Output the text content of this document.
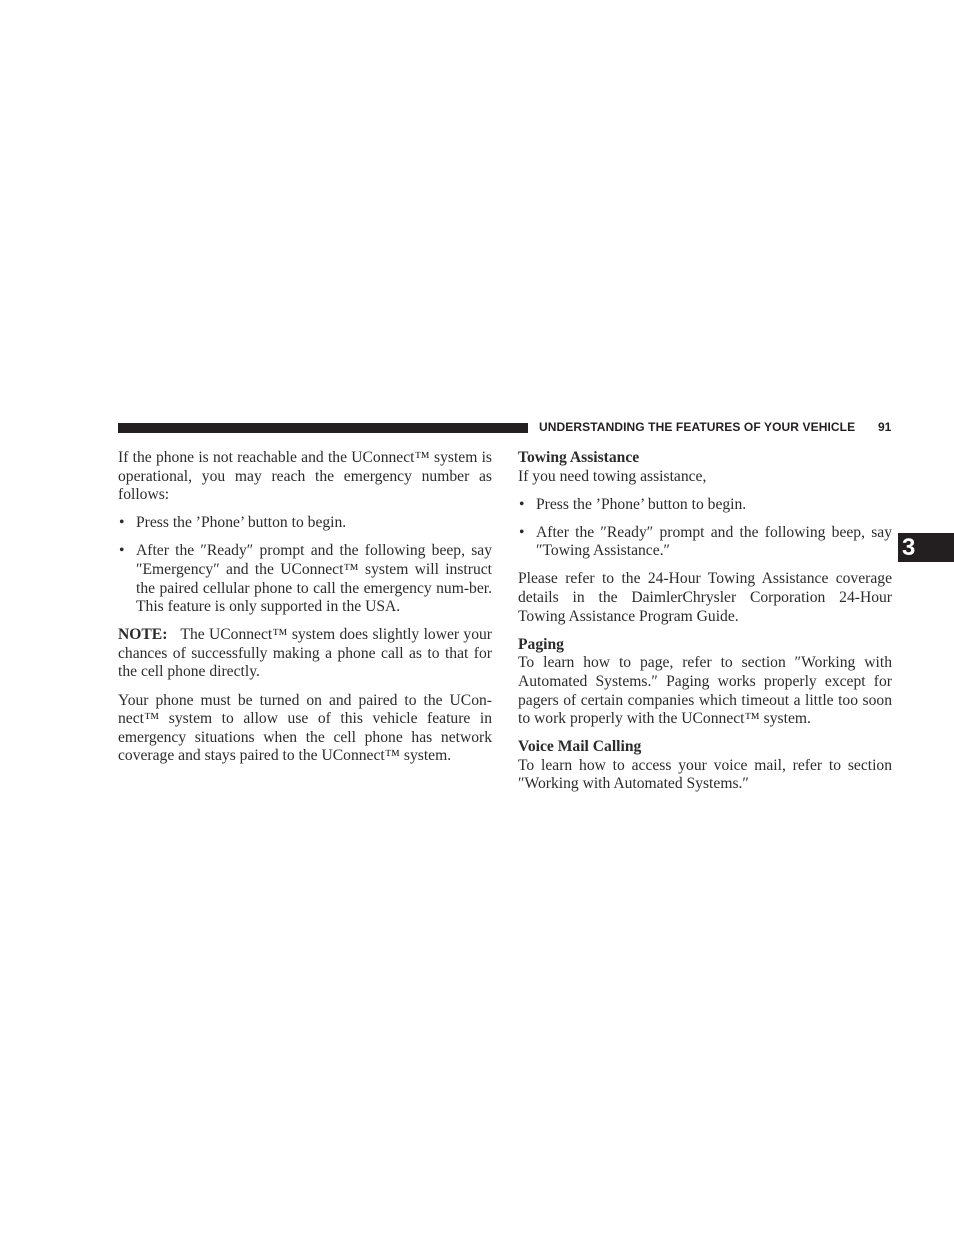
UNDERSTANDING THE FEATURES OF YOUR VEHICLE 91
3

If the phone is not reachable and the UConnect™ system is operational, you may reach the emergency number as follows:

• Press the ’Phone’ button to begin.
• After the ″Ready″ prompt and the following beep, say ″Emergency″ and the UConnect™ system will instruct the paired cellular phone to call the emergency num-ber. This feature is only supported in the USA.

NOTE: The UConnect™ system does slightly lower your chances of successfully making a phone call as to that for the cell phone directly.

Your phone must be turned on and paired to the UCon-nect™ system to allow use of this vehicle feature in emergency situations when the cell phone has network coverage and stays paired to the UConnect™ system.

Towing Assistance

If you need towing assistance,

• Press the ’Phone’ button to begin.
• After the ″Ready″ prompt and the following beep, say ″Towing Assistance.″

Please refer to the 24-Hour Towing Assistance coverage details in the DaimlerChrysler Corporation 24-Hour Towing Assistance Program Guide.

Paging

To learn how to page, refer to section ″Working with Automated Systems.″ Paging works properly except for pagers of certain companies which timeout a little too soon to work properly with the UConnect™ system.

Voice Mail Calling

To learn how to access your voice mail, refer to section ″Working with Automated Systems.″
